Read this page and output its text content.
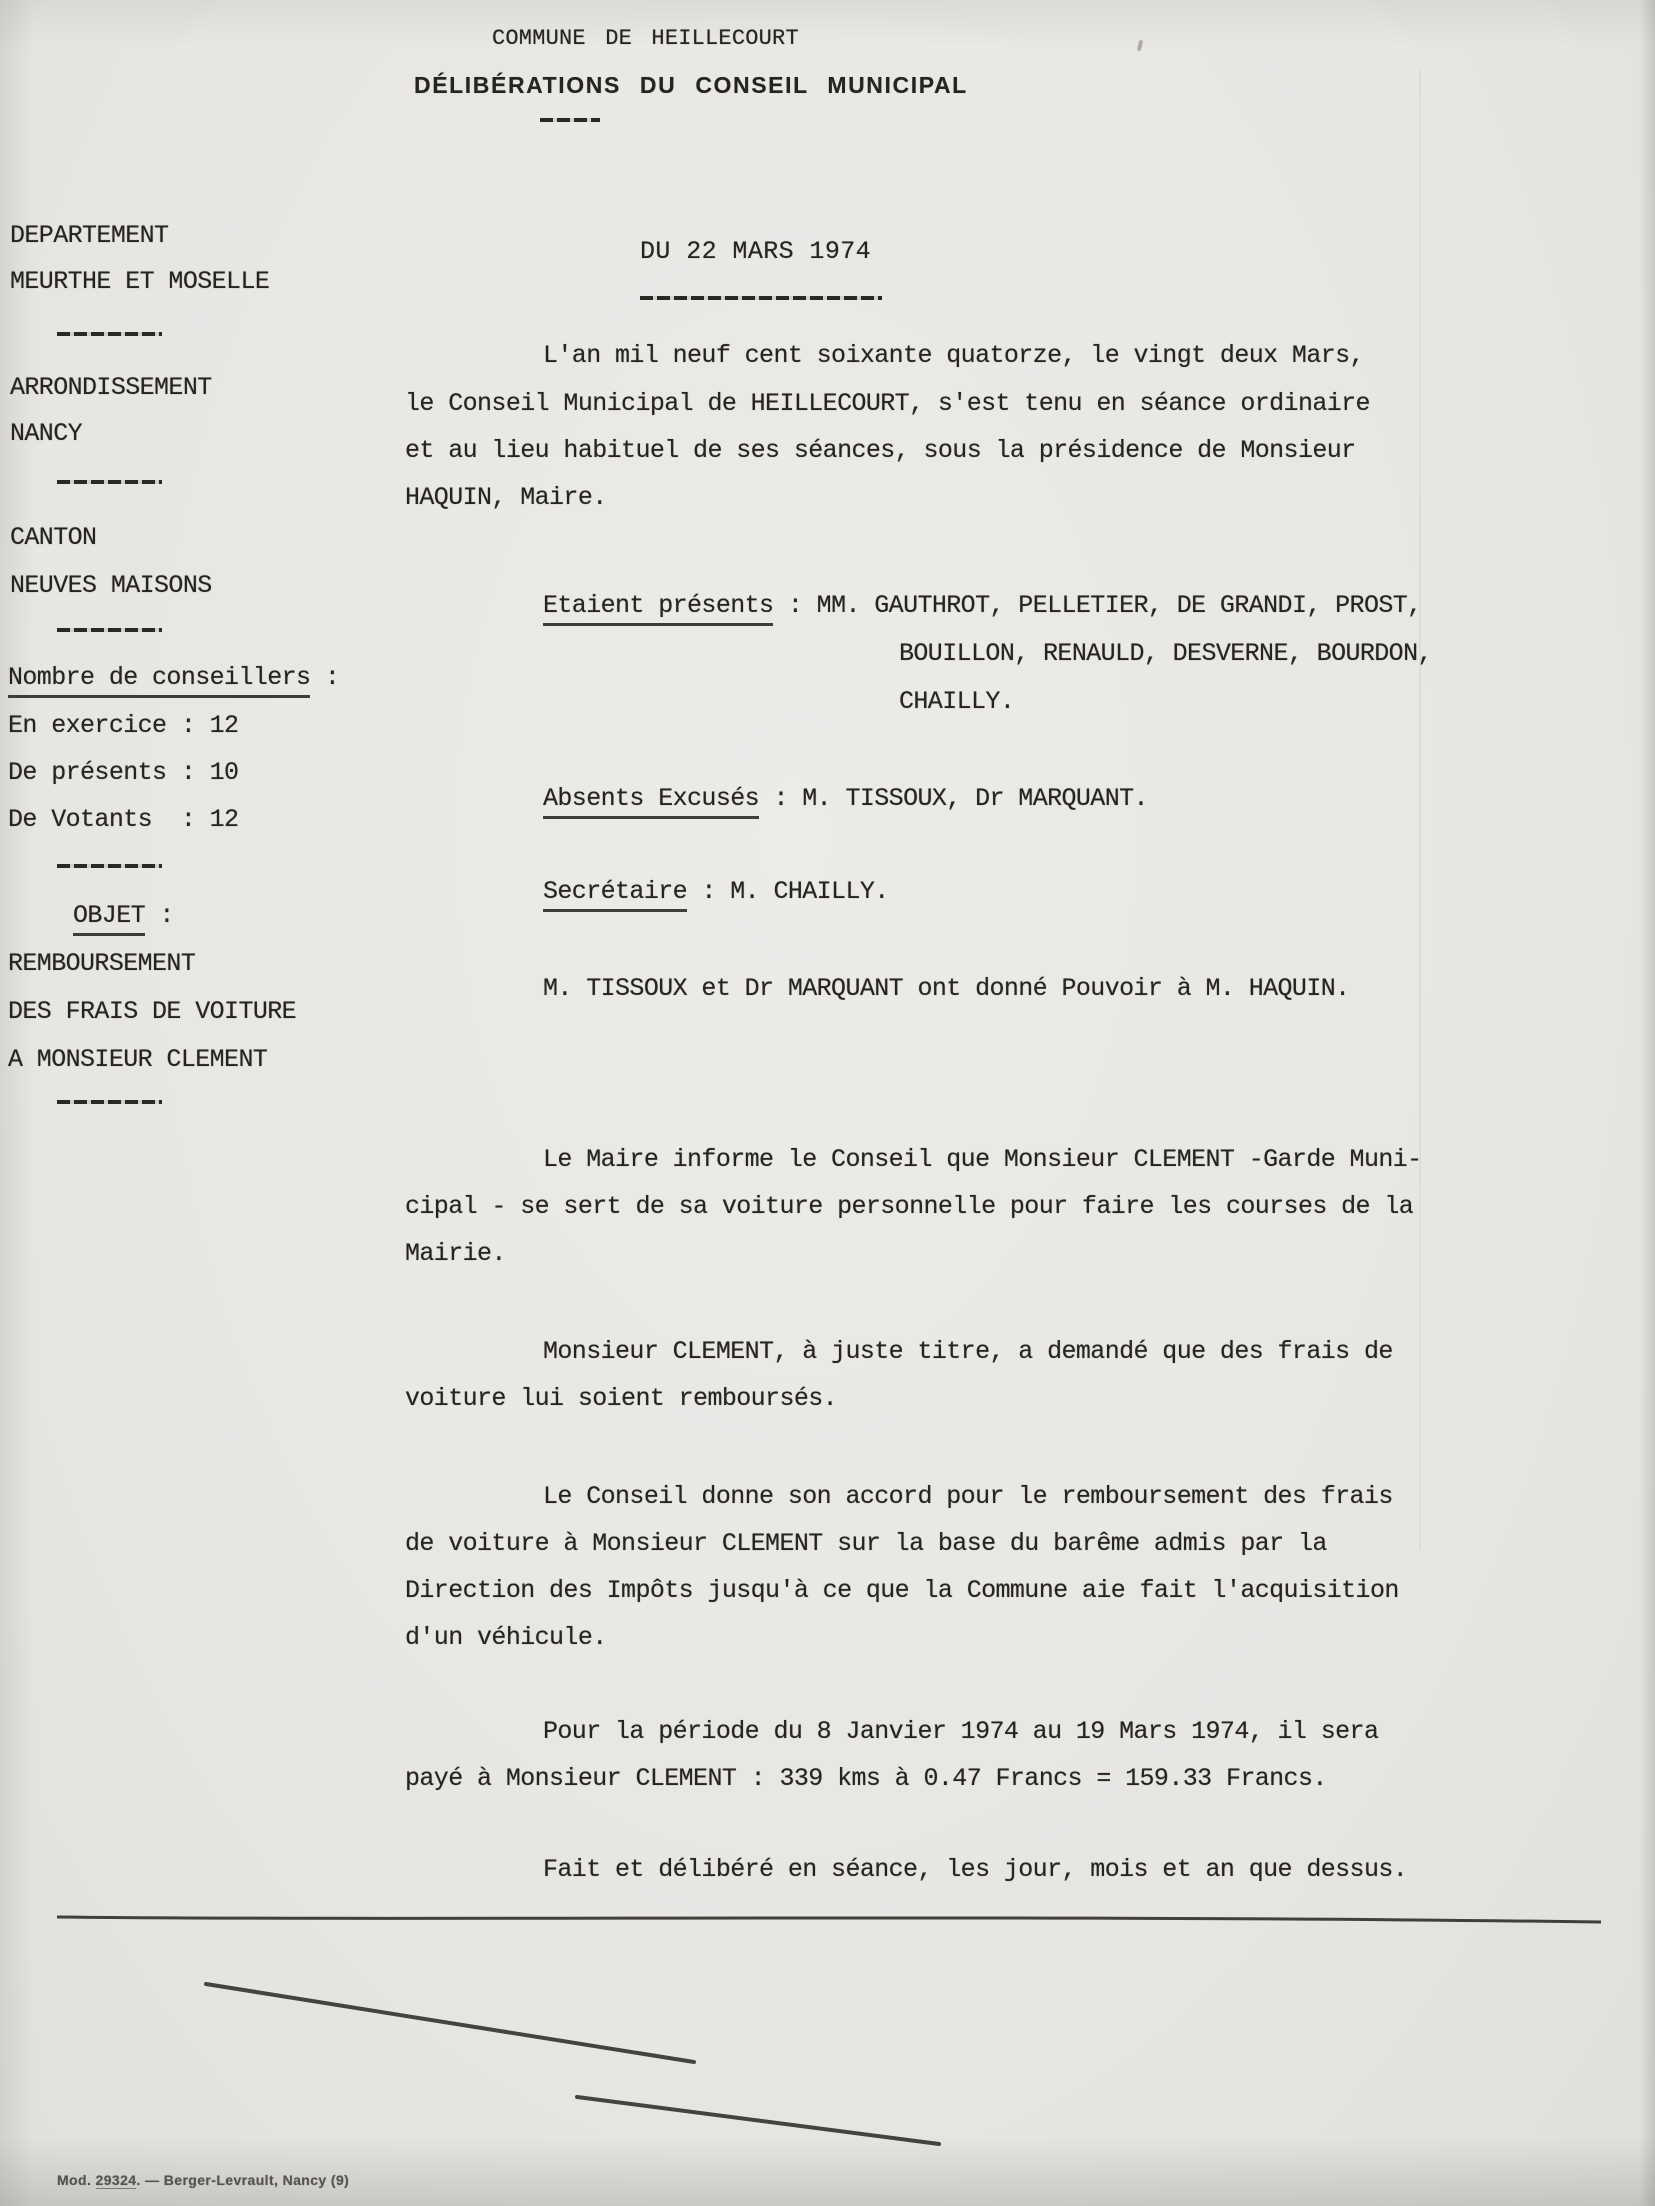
COMMUNE DE HEILLECOURT
DÉLIBÉRATIONS DU CONSEIL MUNICIPAL
DEPARTEMENT
MEURTHE ET MOSELLE
ARRONDISSEMENT
NANCY
CANTON
NEUVES MAISONS
Nombre de conseillers :
En exercice : 12
De présents : 10
De Votants  : 12
OBJET :
REMBOURSEMENT
DES FRAIS DE VOITURE
A MONSIEUR CLEMENT
DU 22 MARS 1974
L'an mil neuf cent soixante quatorze, le vingt deux Mars,
le Conseil Municipal de HEILLECOURT, s'est tenu en séance ordinaire
et au lieu habituel de ses séances, sous la présidence de Monsieur
HAQUIN, Maire.
Etaient présents : MM. GAUTHROT, PELLETIER, DE GRANDI, PROST,
BOUILLON, RENAULD, DESVERNE, BOURDON,
CHAILLY.
Absents Excusés : M. TISSOUX, Dr MARQUANT.
Secrétaire : M. CHAILLY.
M. TISSOUX et Dr MARQUANT ont donné Pouvoir à M. HAQUIN.
Le Maire informe le Conseil que Monsieur CLEMENT -Garde Muni-
cipal - se sert de sa voiture personnelle pour faire les courses de la
Mairie.
Monsieur CLEMENT, à juste titre, a demandé que des frais de
voiture lui soient remboursés.
Le Conseil donne son accord pour le remboursement des frais
de voiture à Monsieur CLEMENT sur la base du barême admis par la
Direction des Impôts jusqu'à ce que la Commune aie fait l'acquisition
d'un véhicule.
Pour la période du 8 Janvier 1974 au 19 Mars 1974, il sera
payé à Monsieur CLEMENT : 339 kms à 0.47 Francs = 159.33 Francs.
Fait et délibéré en séance, les jour, mois et an que dessus.
Mod. 29324. — Berger-Levrault, Nancy (9)
